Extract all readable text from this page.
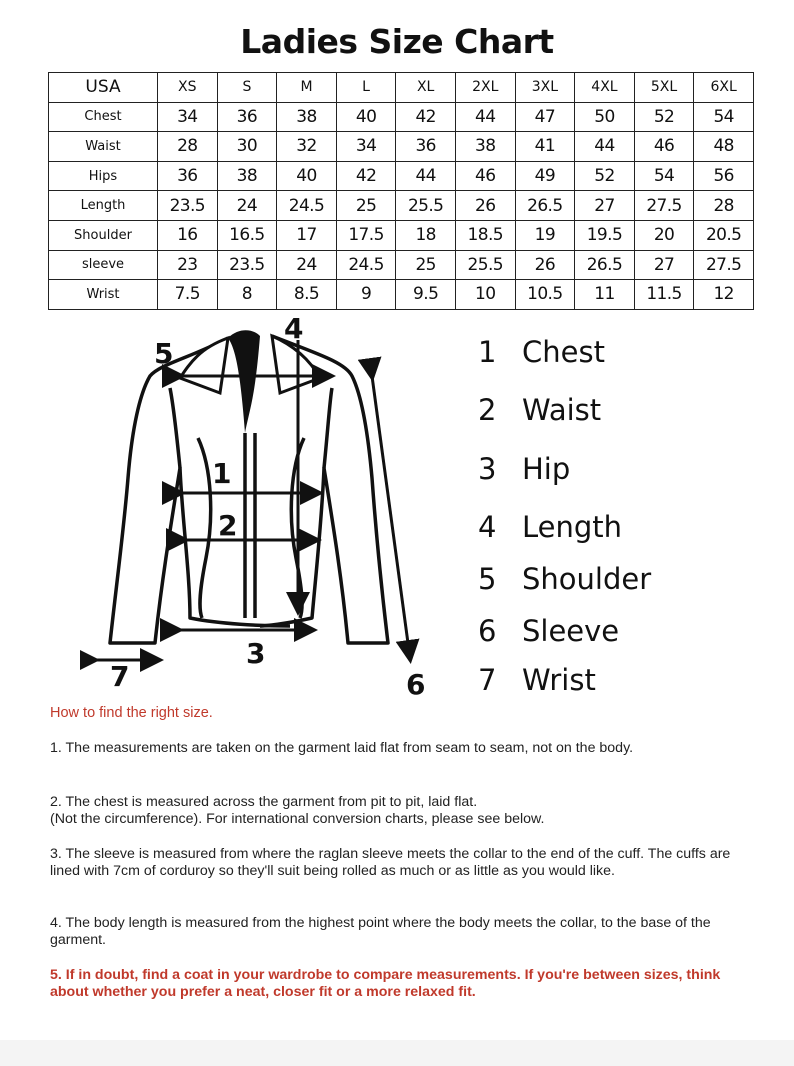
Ladies Size Chart
USA	XS	S	M	L	XL	2XL	3XL	4XL	5XL	6XL
Chest	34	36	38	40	42	44	47	50	52	54
Waist	28	30	32	34	36	38	41	44	46	48
Hips	36	38	40	42	44	46	49	52	54	56
Length	23.5	24	24.5	25	25.5	26	26.5	27	27.5	28
Shoulder	16	16.5	17	17.5	18	18.5	19	19.5	20	20.5
sleeve	23	23.5	24	24.5	25	25.5	26	26.5	27	27.5
Wrist	7.5	8	8.5	9	9.5	10	10.5	11	11.5	12
1
2
3
4
5
6
7
1 Chest
2 Waist
3 Hip
4 Length
5 Shoulder
6 Sleeve
7 Wrist
How to find the right size.
1. The measurements are taken on the garment laid flat from seam to seam, not on the body.
2. The chest is measured across the garment from pit to pit, laid flat.
(Not the circumference). For international conversion charts, please see below.
3. The sleeve is measured from where the raglan sleeve meets the collar to the end of the cuff. The cuffs are lined with 7cm of corduroy so they'll suit being rolled as much or as little as you would like.
4. The body length is measured from the highest point where the body meets the collar, to the base of the garment.
5. If in doubt, find a coat in your wardrobe to compare measurements. If you're between sizes, think about whether you prefer a neat, closer fit or a more relaxed fit.
